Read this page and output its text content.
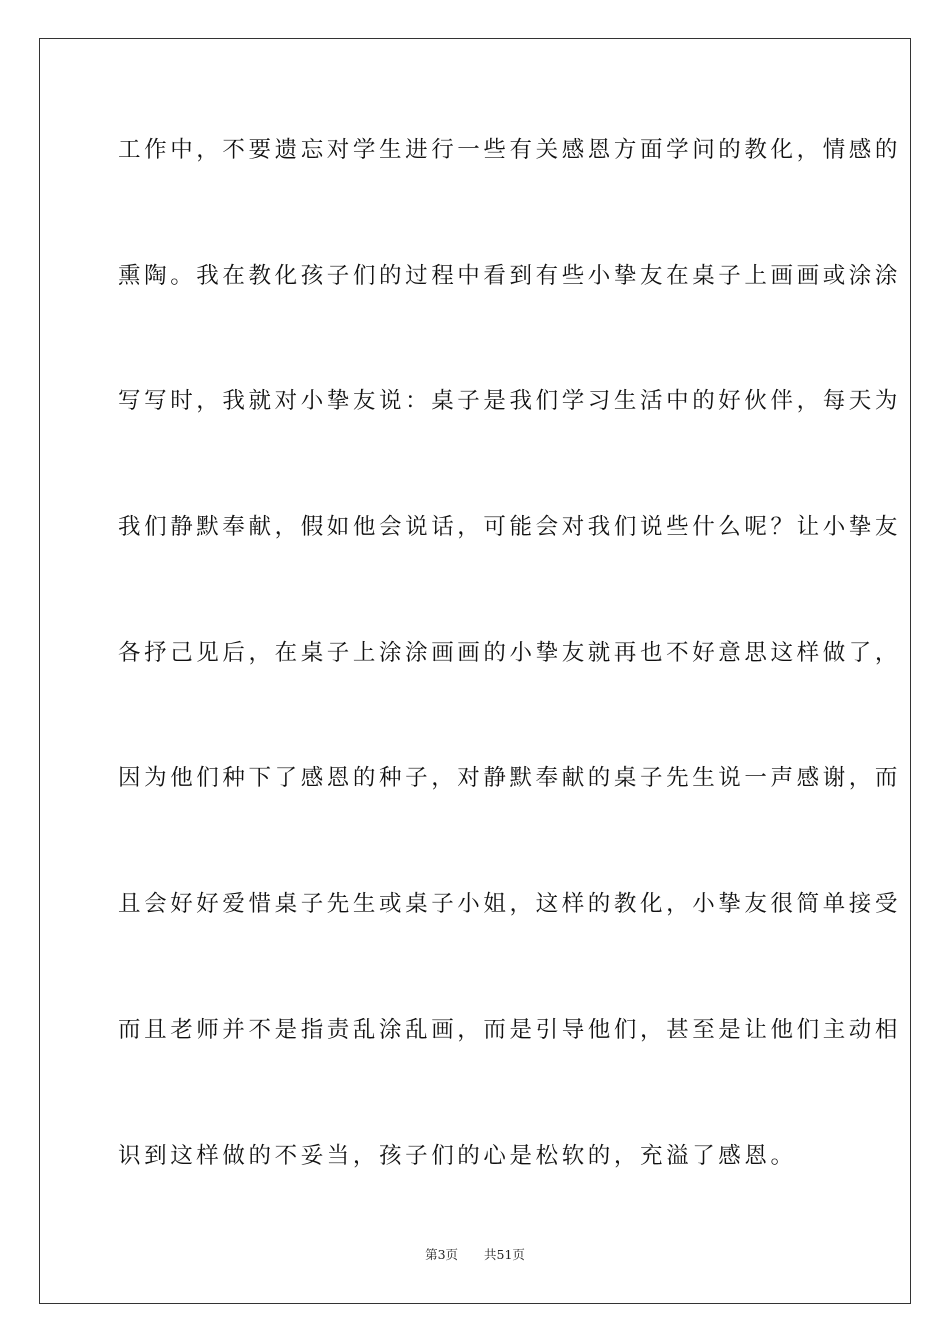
工作中，不要遗忘对学生进行一些有关感恩方面学问的教化，情感的
熏陶。我在教化孩子们的过程中看到有些小挚友在桌子上画画或涂涂
写写时，我就对小挚友说：桌子是我们学习生活中的好伙伴，每天为
我们静默奉献，假如他会说话，可能会对我们说些什么呢？让小挚友
各抒己见后，在桌子上涂涂画画的小挚友就再也不好意思这样做了，
因为他们种下了感恩的种子，对静默奉献的桌子先生说一声感谢，而
且会好好爱惜桌子先生或桌子小姐，这样的教化，小挚友很简单接受
而且老师并不是指责乱涂乱画，而是引导他们，甚至是让他们主动相
识到这样做的不妥当，孩子们的心是松软的，充溢了感恩。
第3页 共51页
